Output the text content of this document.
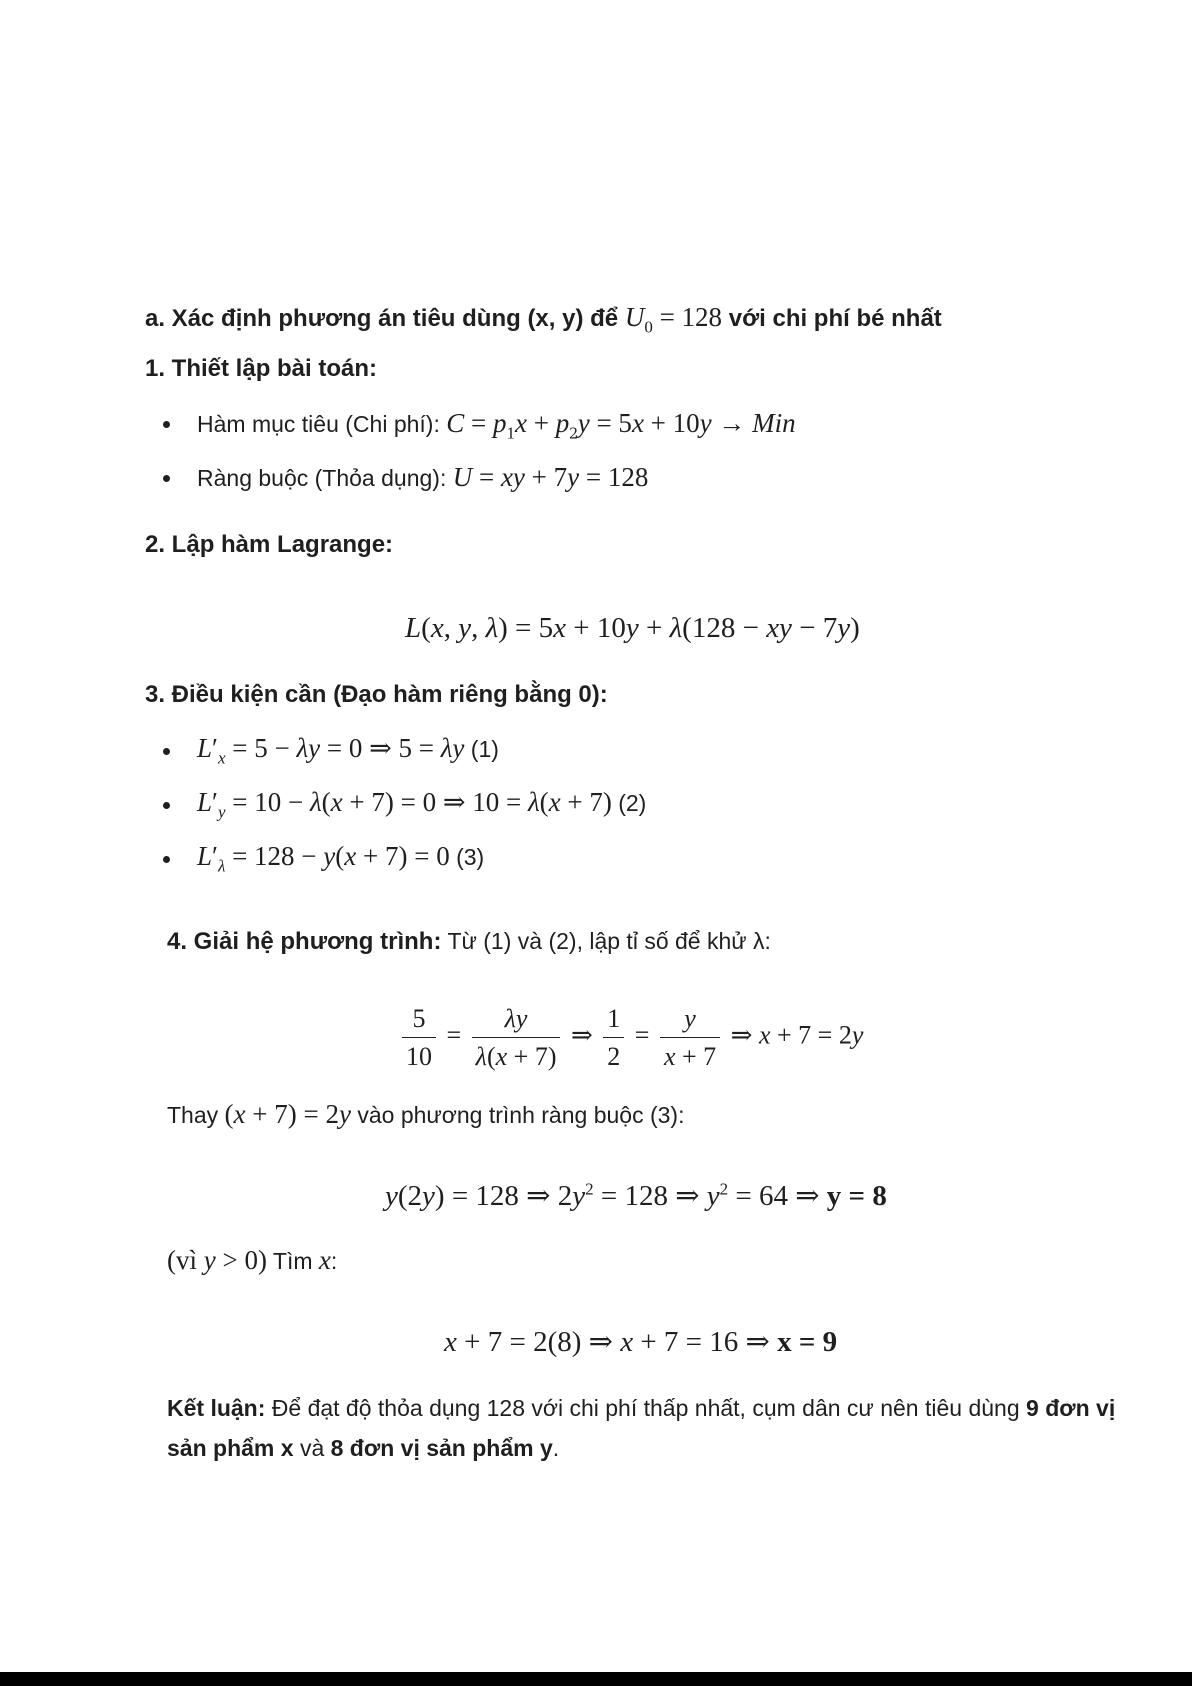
a. Xác định phương án tiêu dùng (x, y) để $U_0 = 128$ với chi phí bé nhất
1. Thiết lập bài toán:
Hàm mục tiêu (Chi phí): $C = p_1x + p_2y = 5x + 10y$ → Min
Ràng buộc (Thỏa dụng): U = xy + 7y = 128
2. Lập hàm Lagrange:
L(x, y, λ) = 5x + 10y + λ(128 − xy − 7y)
3. Điều kiện cần (Đạo hàm riêng bằng 0):
$L'_x = 5 - \lambda y = 0$ ⇒ 5 = λy (1)
$L'_y = 10 - \lambda(x + 7) = 0$ ⇒ 10 = λ(x + 7) (2)
$L'_\lambda = 128 - y(x + 7) = 0$ (3)
4. Giải hệ phương trình: Từ (1) và (2), lập tỉ số để khử λ:
$\frac{5}{10} = \frac{\lambda y}{\lambda(x + 7)}$ ⇒ $\frac{1}{2} = \frac{y}{x + 7}$ ⇒ x + 7 = 2y
Thay (x + 7) = 2y vào phương trình ràng buộc (3):
y(2y) = 128 ⇒ $2y^2 = 128$ ⇒ $y^2 = 64$ ⇒ y = 8
(vì y > 0) Tìm x:
x + 7 = 2(8) ⇒ x + 7 = 16 ⇒ x = 9
Kết luận: Để đạt độ thỏa dụng 128 với chi phí thấp nhất, cụm dân cư nên tiêu dùng 9 đơn vị sản phẩm x và 8 đơn vị sản phẩm y.
